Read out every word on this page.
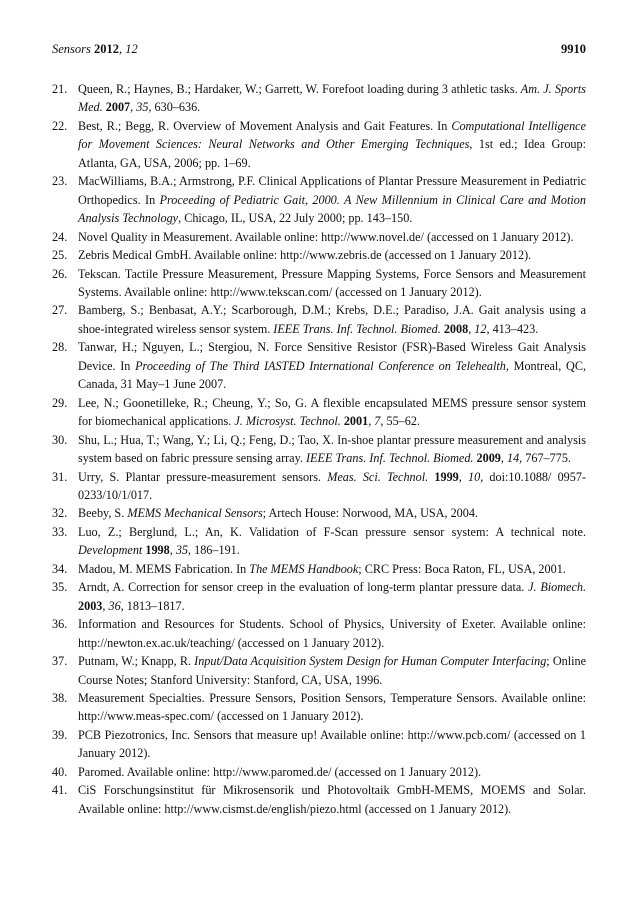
Sensors 2012, 12	9910
21. Queen, R.; Haynes, B.; Hardaker, W.; Garrett, W. Forefoot loading during 3 athletic tasks. Am. J. Sports Med. 2007, 35, 630–636.
22. Best, R.; Begg, R. Overview of Movement Analysis and Gait Features. In Computational Intelligence for Movement Sciences: Neural Networks and Other Emerging Techniques, 1st ed.; Idea Group: Atlanta, GA, USA, 2006; pp. 1–69.
23. MacWilliams, B.A.; Armstrong, P.F. Clinical Applications of Plantar Pressure Measurement in Pediatric Orthopedics. In Proceeding of Pediatric Gait, 2000. A New Millennium in Clinical Care and Motion Analysis Technology, Chicago, IL, USA, 22 July 2000; pp. 143–150.
24. Novel Quality in Measurement. Available online: http://www.novel.de/ (accessed on 1 January 2012).
25. Zebris Medical GmbH. Available online: http://www.zebris.de (accessed on 1 January 2012).
26. Tekscan. Tactile Pressure Measurement, Pressure Mapping Systems, Force Sensors and Measurement Systems. Available online: http://www.tekscan.com/ (accessed on 1 January 2012).
27. Bamberg, S.; Benbasat, A.Y.; Scarborough, D.M.; Krebs, D.E.; Paradiso, J.A. Gait analysis using a shoe-integrated wireless sensor system. IEEE Trans. Inf. Technol. Biomed. 2008, 12, 413–423.
28. Tanwar, H.; Nguyen, L.; Stergiou, N. Force Sensitive Resistor (FSR)-Based Wireless Gait Analysis Device. In Proceeding of The Third IASTED International Conference on Telehealth, Montreal, QC, Canada, 31 May–1 June 2007.
29. Lee, N.; Goonetilleke, R.; Cheung, Y.; So, G. A flexible encapsulated MEMS pressure sensor system for biomechanical applications. J. Microsyst. Technol. 2001, 7, 55–62.
30. Shu, L.; Hua, T.; Wang, Y.; Li, Q.; Feng, D.; Tao, X. In-shoe plantar pressure measurement and analysis system based on fabric pressure sensing array. IEEE Trans. Inf. Technol. Biomed. 2009, 14, 767–775.
31. Urry, S. Plantar pressure-measurement sensors. Meas. Sci. Technol. 1999, 10, doi:10.1088/ 0957-0233/10/1/017.
32. Beeby, S. MEMS Mechanical Sensors; Artech House: Norwood, MA, USA, 2004.
33. Luo, Z.; Berglund, L.; An, K. Validation of F-Scan pressure sensor system: A technical note. Development 1998, 35, 186–191.
34. Madou, M. MEMS Fabrication. In The MEMS Handbook; CRC Press: Boca Raton, FL, USA, 2001.
35. Arndt, A. Correction for sensor creep in the evaluation of long-term plantar pressure data. J. Biomech. 2003, 36, 1813–1817.
36. Information and Resources for Students. School of Physics, University of Exeter. Available online: http://newton.ex.ac.uk/teaching/ (accessed on 1 January 2012).
37. Putnam, W.; Knapp, R. Input/Data Acquisition System Design for Human Computer Interfacing; Online Course Notes; Stanford University: Stanford, CA, USA, 1996.
38. Measurement Specialties. Pressure Sensors, Position Sensors, Temperature Sensors. Available online: http://www.meas-spec.com/ (accessed on 1 January 2012).
39. PCB Piezotronics, Inc. Sensors that measure up! Available online: http://www.pcb.com/ (accessed on 1 January 2012).
40. Paromed. Available online: http://www.paromed.de/ (accessed on 1 January 2012).
41. CiS Forschungsinstitut für Mikrosensorik und Photovoltaik GmbH-MEMS, MOEMS and Solar. Available online: http://www.cismst.de/english/piezo.html (accessed on 1 January 2012).
